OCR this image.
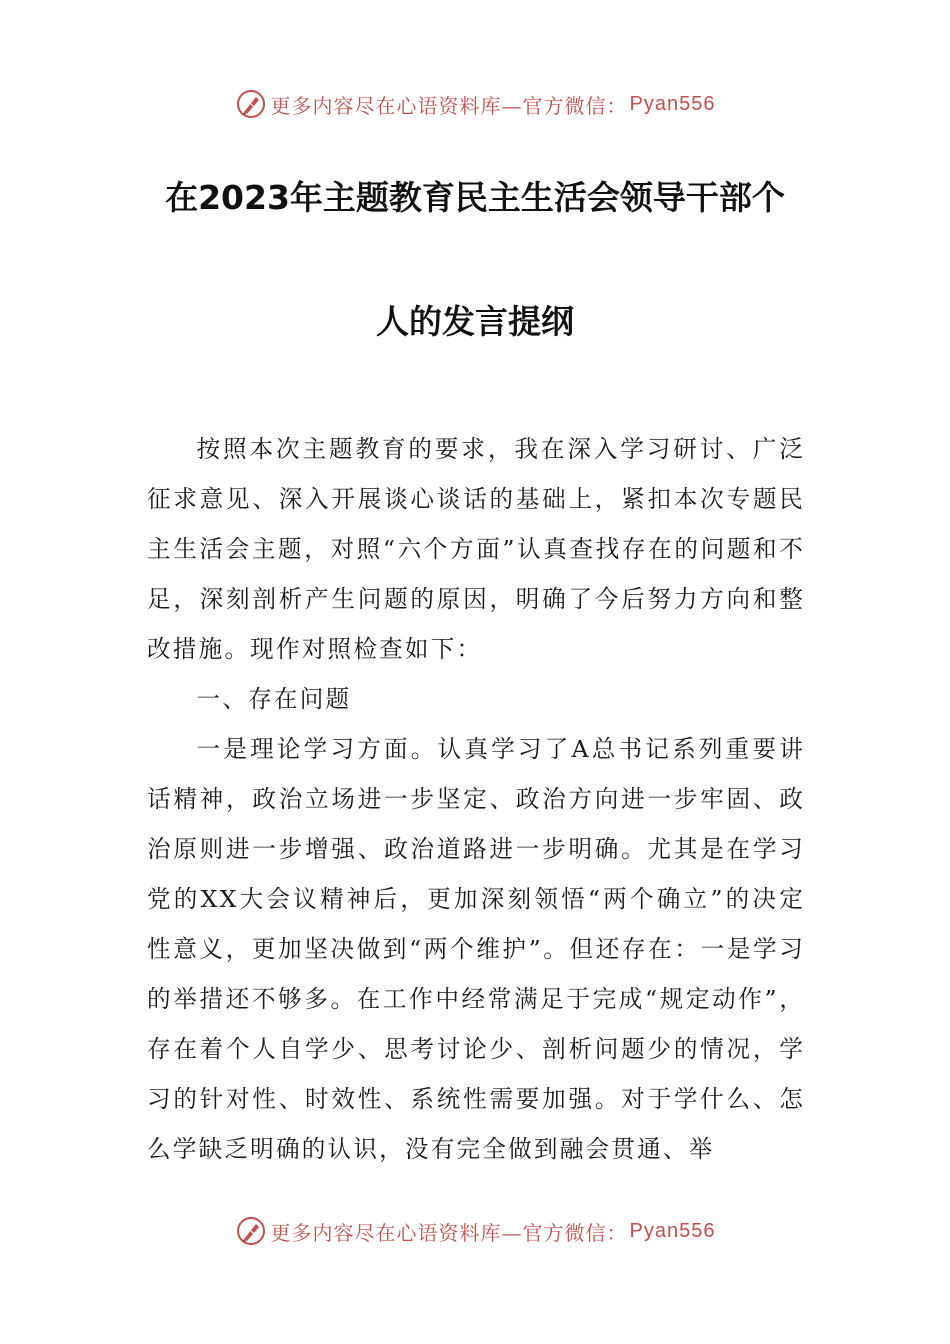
更多内容尽在心语资料库—官方微信： Pyan556
在2023年主题教育民主生活会领导干部个
人的发言提纲

按照本次主题教育的要求，我在深入学习研讨、广泛征求意见、深入开展谈心谈话的基础上，紧扣本次专题民主生活会主题，对照“六个方面”认真查找存在的问题和不足，深刻剖析产生问题的原因，明确了今后努力方向和整改措施。现作对照检查如下：

一、存在问题

一是理论学习方面。认真学习了A总书记系列重要讲话精神，政治立场进一步坚定、政治方向进一步牢固、政治原则进一步增强、政治道路进一步明确。尤其是在学习党的XX大会议精神后，更加深刻领悟“两个确立”的决定性意义，更加坚决做到“两个维护”。但还存在：一是学习的举措还不够多。在工作中经常满足于完成“规定动作”，存在着个人自学少、思考讨论少、剖析问题少的情况，学习的针对性、时效性、系统性需要加强。对于学什么、怎么学缺乏明确的认识，没有完全做到融会贯通、举

更多内容尽在心语资料库—官方微信： Pyan556
